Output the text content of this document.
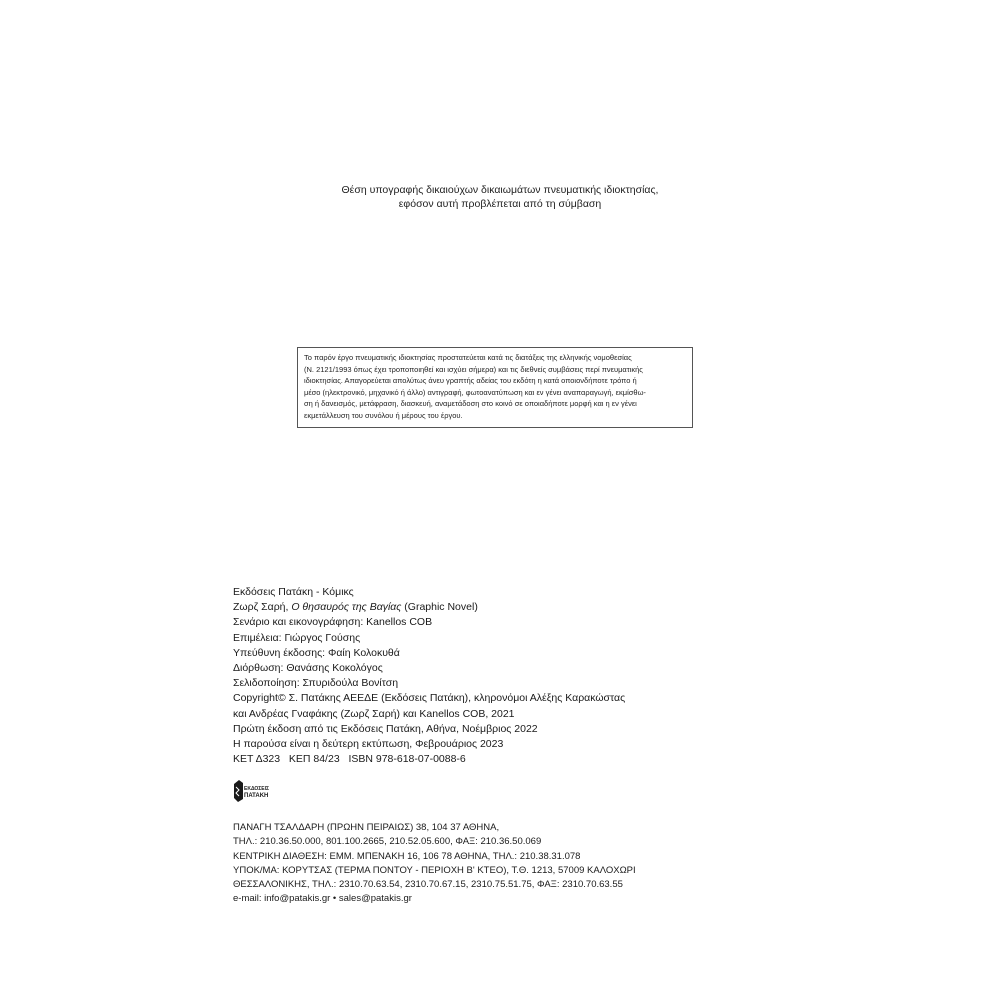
Θέση υπογραφής δικαιούχων δικαιωμάτων πνευματικής ιδιοκτησίας,
εφόσον αυτή προβλέπεται από τη σύμβαση
Το παρόν έργο πνευματικής ιδιοκτησίας προστατεύεται κατά τις διατάξεις της ελληνικής νομοθεσίας
(Ν. 2121/1993 όπως έχει τροποποιηθεί και ισχύει σήμερα) και τις διεθνείς συμβάσεις περί πνευματικής
ιδιοκτησίας. Απαγορεύεται απολύτως άνευ γραπτής αδείας του εκδότη η κατά οποιονδήποτε τρόπο ή
μέσο (ηλεκτρονικό, μηχανικό ή άλλο) αντιγραφή, φωτοανατύπωση και εν γένει αναπαραγωγή, εκμίσθω-
ση ή δανεισμός, μετάφραση, διασκευή, αναμετάδοση στο κοινό σε οποιαδήποτε μορφή και η εν γένει
εκμετάλλευση του συνόλου ή μέρους του έργου.
Εκδόσεις Πατάκη - Κόμικς
Ζωρζ Σαρή, Ο θησαυρός της Βαγίας (Graphic Novel)
Σενάριο και εικονογράφηση: Kanellos COB
Επιμέλεια: Γιώργος Γούσης
Υπεύθυνη έκδοσης: Φαίη Κολοκυθά
Διόρθωση: Θανάσης Κοκολόγος
Σελιδοποίηση: Σπυριδούλα Βονίτση
Copyright© Σ. Πατάκης ΑΕΕΔΕ (Εκδόσεις Πατάκη), κληρονόμοι Αλέξης Καρακώστας
και Ανδρέας Γναφάκης (Ζωρζ Σαρή) και Kanellos COB, 2021
Πρώτη έκδοση από τις Εκδόσεις Πατάκη, Αθήνα, Νοέμβριος 2022
Η παρούσα είναι η δεύτερη εκτύπωση, Φεβρουάριος 2023
ΚΕΤ Δ323 ΚΕΠ 84/23 ISBN 978-618-07-0088-6
ΕΚΔΟΣΕΙΣ
ΠΑΤΑΚΗ
ΠΑΝΑΓΗ ΤΣΑΛΔΑΡΗ (ΠΡΩΗΝ ΠΕΙΡΑΙΩΣ) 38, 104 37 ΑΘΗΝΑ,
ΤΗΛ.: 210.36.50.000, 801.100.2665, 210.52.05.600, ΦΑΞ: 210.36.50.069
ΚΕΝΤΡΙΚΗ ΔΙΑΘΕΣΗ: ΕΜΜ. ΜΠΕΝΑΚΗ 16, 106 78 ΑΘΗΝΑ, ΤΗΛ.: 210.38.31.078
ΥΠΟΚ/ΜΑ: ΚΟΡΥΤΣΑΣ (ΤΕΡΜΑ ΠΟΝΤΟΥ - ΠΕΡΙΟΧΗ Β' ΚΤΕΟ), Τ.Θ. 1213, 57009 ΚΑΛΟΧΩΡΙ
ΘΕΣΣΑΛΟΝΙΚΗΣ, ΤΗΛ.: 2310.70.63.54, 2310.70.67.15, 2310.75.51.75, ΦΑΞ: 2310.70.63.55
e-mail: info@patakis.gr • sales@patakis.gr
